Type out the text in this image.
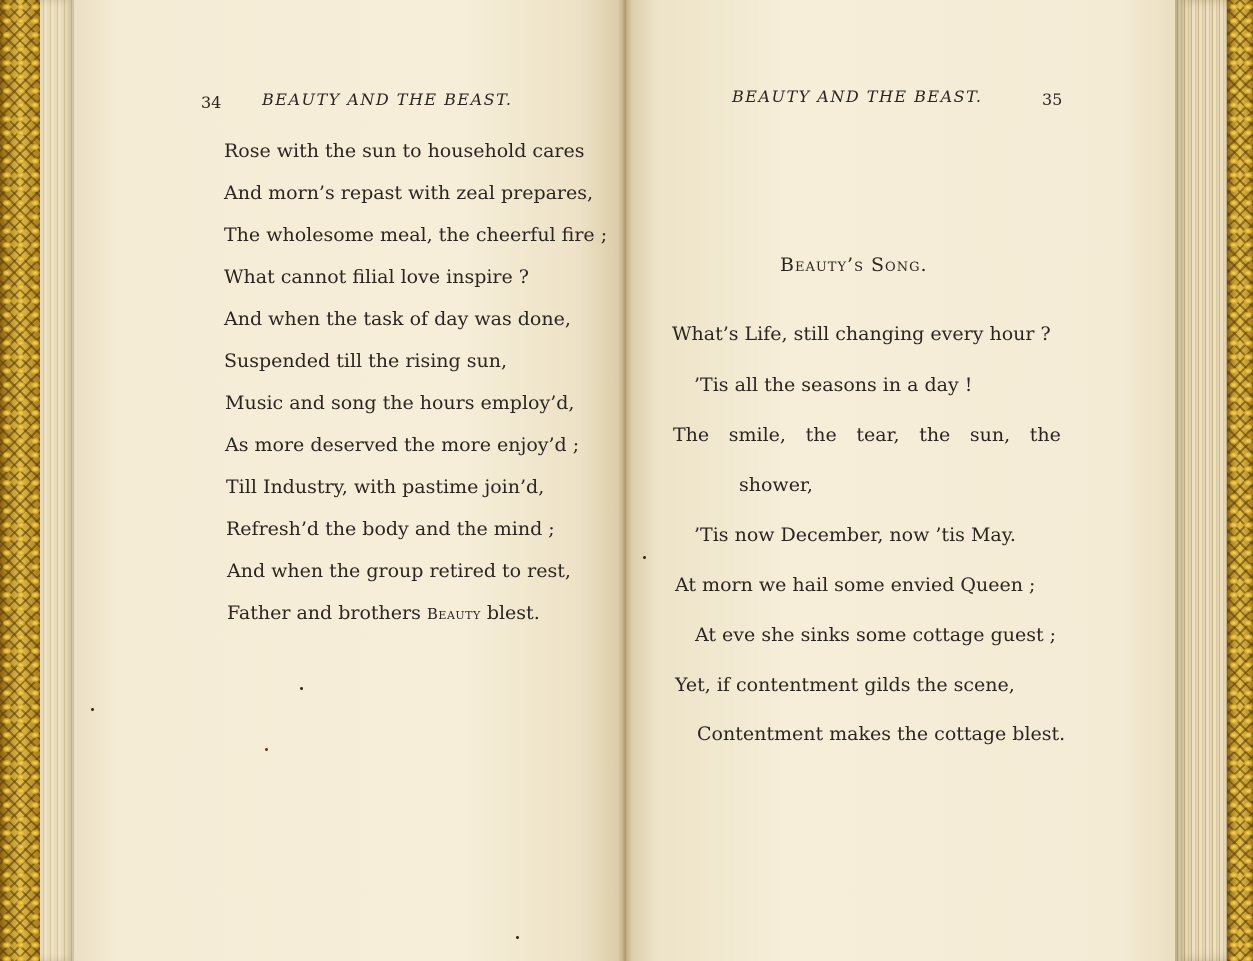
34	BEAUTY AND THE BEAST.
Rose with the sun to household cares
And morn’s repast with zeal prepares,
The wholesome meal, the cheerful fire ;
What cannot filial love inspire ?
And when the task of day was done,
Suspended till the rising sun,
Music and song the hours employ’d,
As more deserved the more enjoy’d ;
Till Industry, with pastime join’d,
Refresh’d the body and the mind ;
And when the group retired to rest,
Father and brothers Beauty blest.
BEAUTY AND THE BEAST.	35
Beauty’s Song.
What’s Life, still changing every hour ?
’Tis all the seasons in a day !
The smile, the tear, the sun, the
shower,
’Tis now December, now ’tis May.
At morn we hail some envied Queen ;
At eve she sinks some cottage guest ;
Yet, if contentment gilds the scene,
Contentment makes the cottage blest.
